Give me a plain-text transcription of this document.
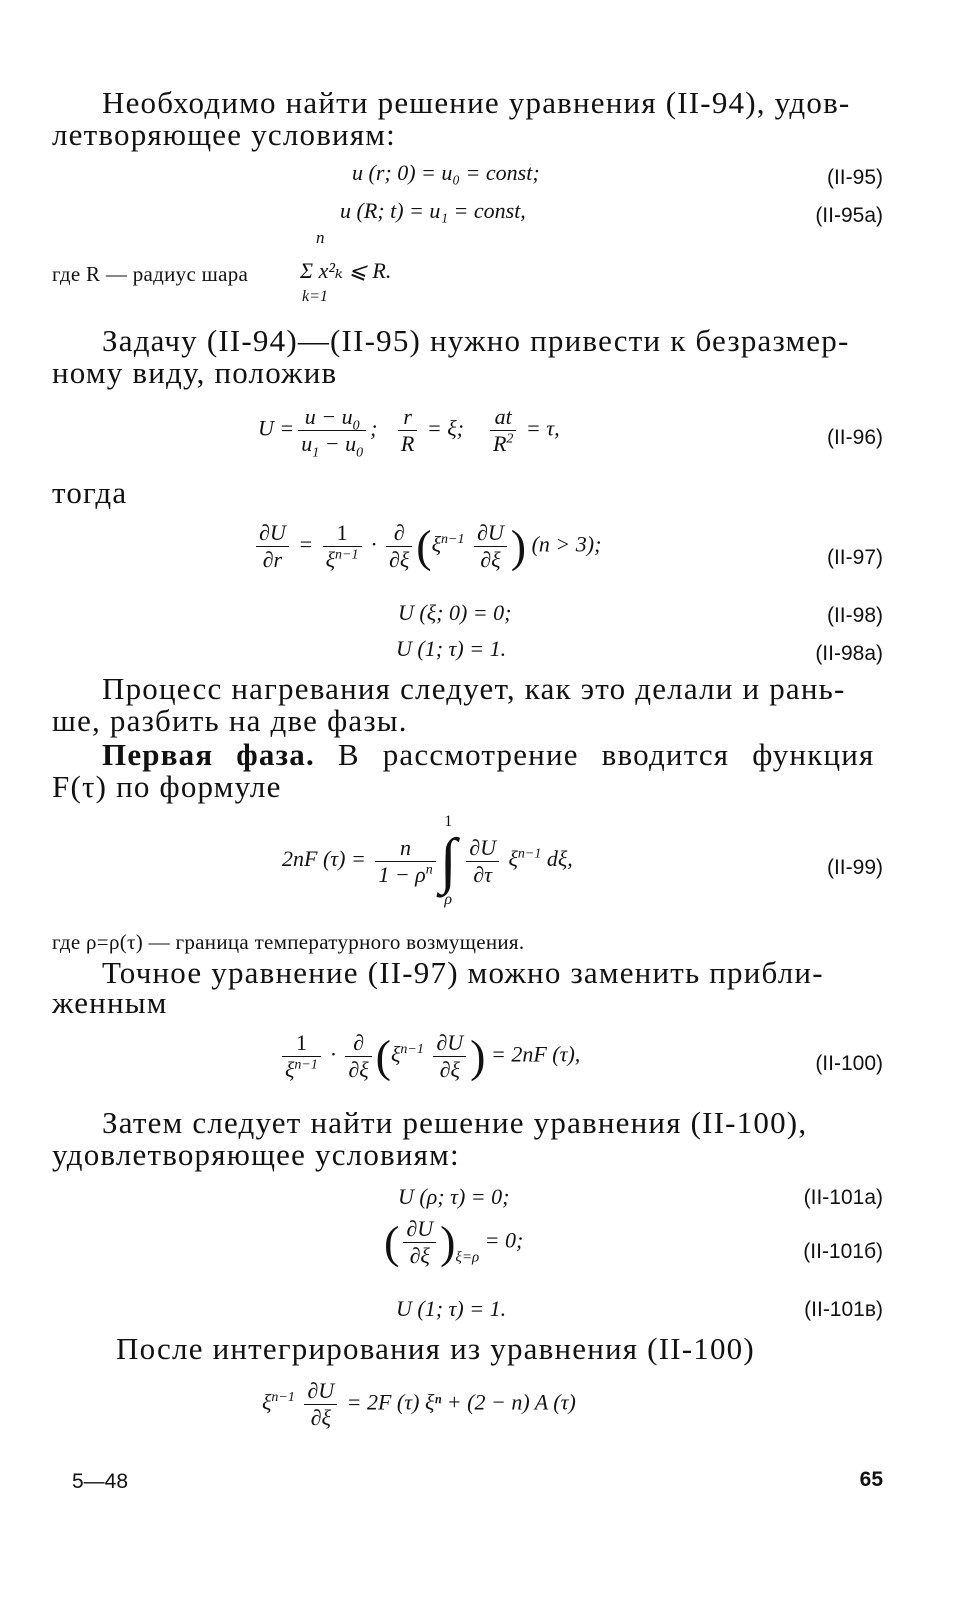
Необходимо найти решение уравнения (II-94), удов-
летворяющее условиям:
u (r; 0) = u₀ = const;	(II-95)
u (R; t) = u₁ = const,	(II-95a)
где R — радиус шара
n
Σ x²ₖ ⩽ R.
k=1
Задачу (II-94)—(II-95) нужно привести к безразмер-
ному виду, положив
$U = \frac{u - u_0}{u_1 - u_0}$ ; $\frac{r}{R} = \xi$; $\frac{at}{R^2} = \tau$,	(II-96)
тогда
$\frac{\partial U}{\partial r} = \frac{1}{\xi^{n-1}} \cdot \frac{\partial}{\partial\xi} (\xi^{n-1} \frac{\partial U}{\partial\xi}$ ) (n > 3);
(II-97)
U (ξ; 0) = 0;	(II-98)
U (1; τ) = 1.	(II-98a)
Процесс нагревания следует, как это делали и рань-
ше, разбить на две фазы.
Первая фаза. В рассмотрение вводится функция
F(τ) по формуле
2nF $(\tau) = \frac{n}{1 - \rho^n}$
1
∫
ρ

$\frac{\partial U}{\partial\tau} \xi^{n-1}$ dξ,	(II-99)
где ρ=ρ(τ) — граница температурного возмущения.
Точное уравнение (II-97) можно заменить прибли-
женным
$\frac{1}{\xi^{n-1}} \cdot \frac{\partial}{\partial\xi} (\xi^{n-1} \frac{\partial U}{\partial\xi}$ ) = 2nF (τ),	(II-100)
Затем следует найти решение уравнения (II-100),
удовлетворяющее условиям:
U (ρ; τ) = 0;	(II-101a)
( $\frac{\partial U}{\partial\xi} )_{\xi=\rho} = 0$;	(II-101б)
U (1; τ) = 1.	(II-101в)
После интегрирования из уравнения (II-100)
$\xi^{n-1} \frac{\partial U}{\partial\xi} = 2F$ (τ) ξⁿ + (2 − n) A (τ)
5—48	65
